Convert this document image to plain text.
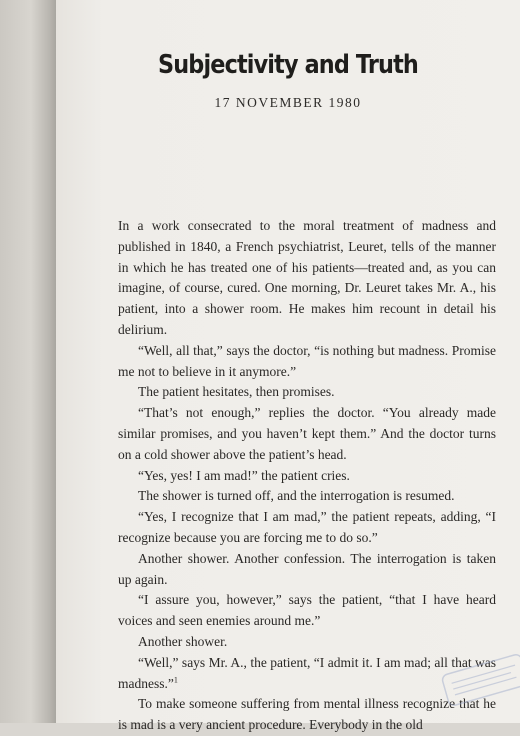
Subjectivity and Truth
17 NOVEMBER 1980

In a work consecrated to the moral treatment of madness and published in 1840, a French psychiatrist, Leuret, tells of the manner in which he has treated one of his patients—treated and, as you can imagine, of course, cured. One morning, Dr. Leuret takes Mr. A., his patient, into a shower room. He makes him recount in detail his delirium.

“Well, all that,” says the doctor, “is nothing but madness. Promise me not to believe in it anymore.”

The patient hesitates, then promises.

“That’s not enough,” replies the doctor. “You already made similar promises, and you haven’t kept them.” And the doctor turns on a cold shower above the patient’s head.

“Yes, yes! I am mad!” the patient cries.

The shower is turned off, and the interrogation is resumed.

“Yes, I recognize that I am mad,” the patient repeats, adding, “I recognize because you are forcing me to do so.”

Another shower. Another confession. The interrogation is taken up again.

“I assure you, however,” says the patient, “that I have heard voices and seen enemies around me.”

Another shower.

“Well,” says Mr. A., the patient, “I admit it. I am mad; all that was madness.”$^1$

To make someone suffering from mental illness recognize that he is mad is a very ancient procedure. Everybody in the old
